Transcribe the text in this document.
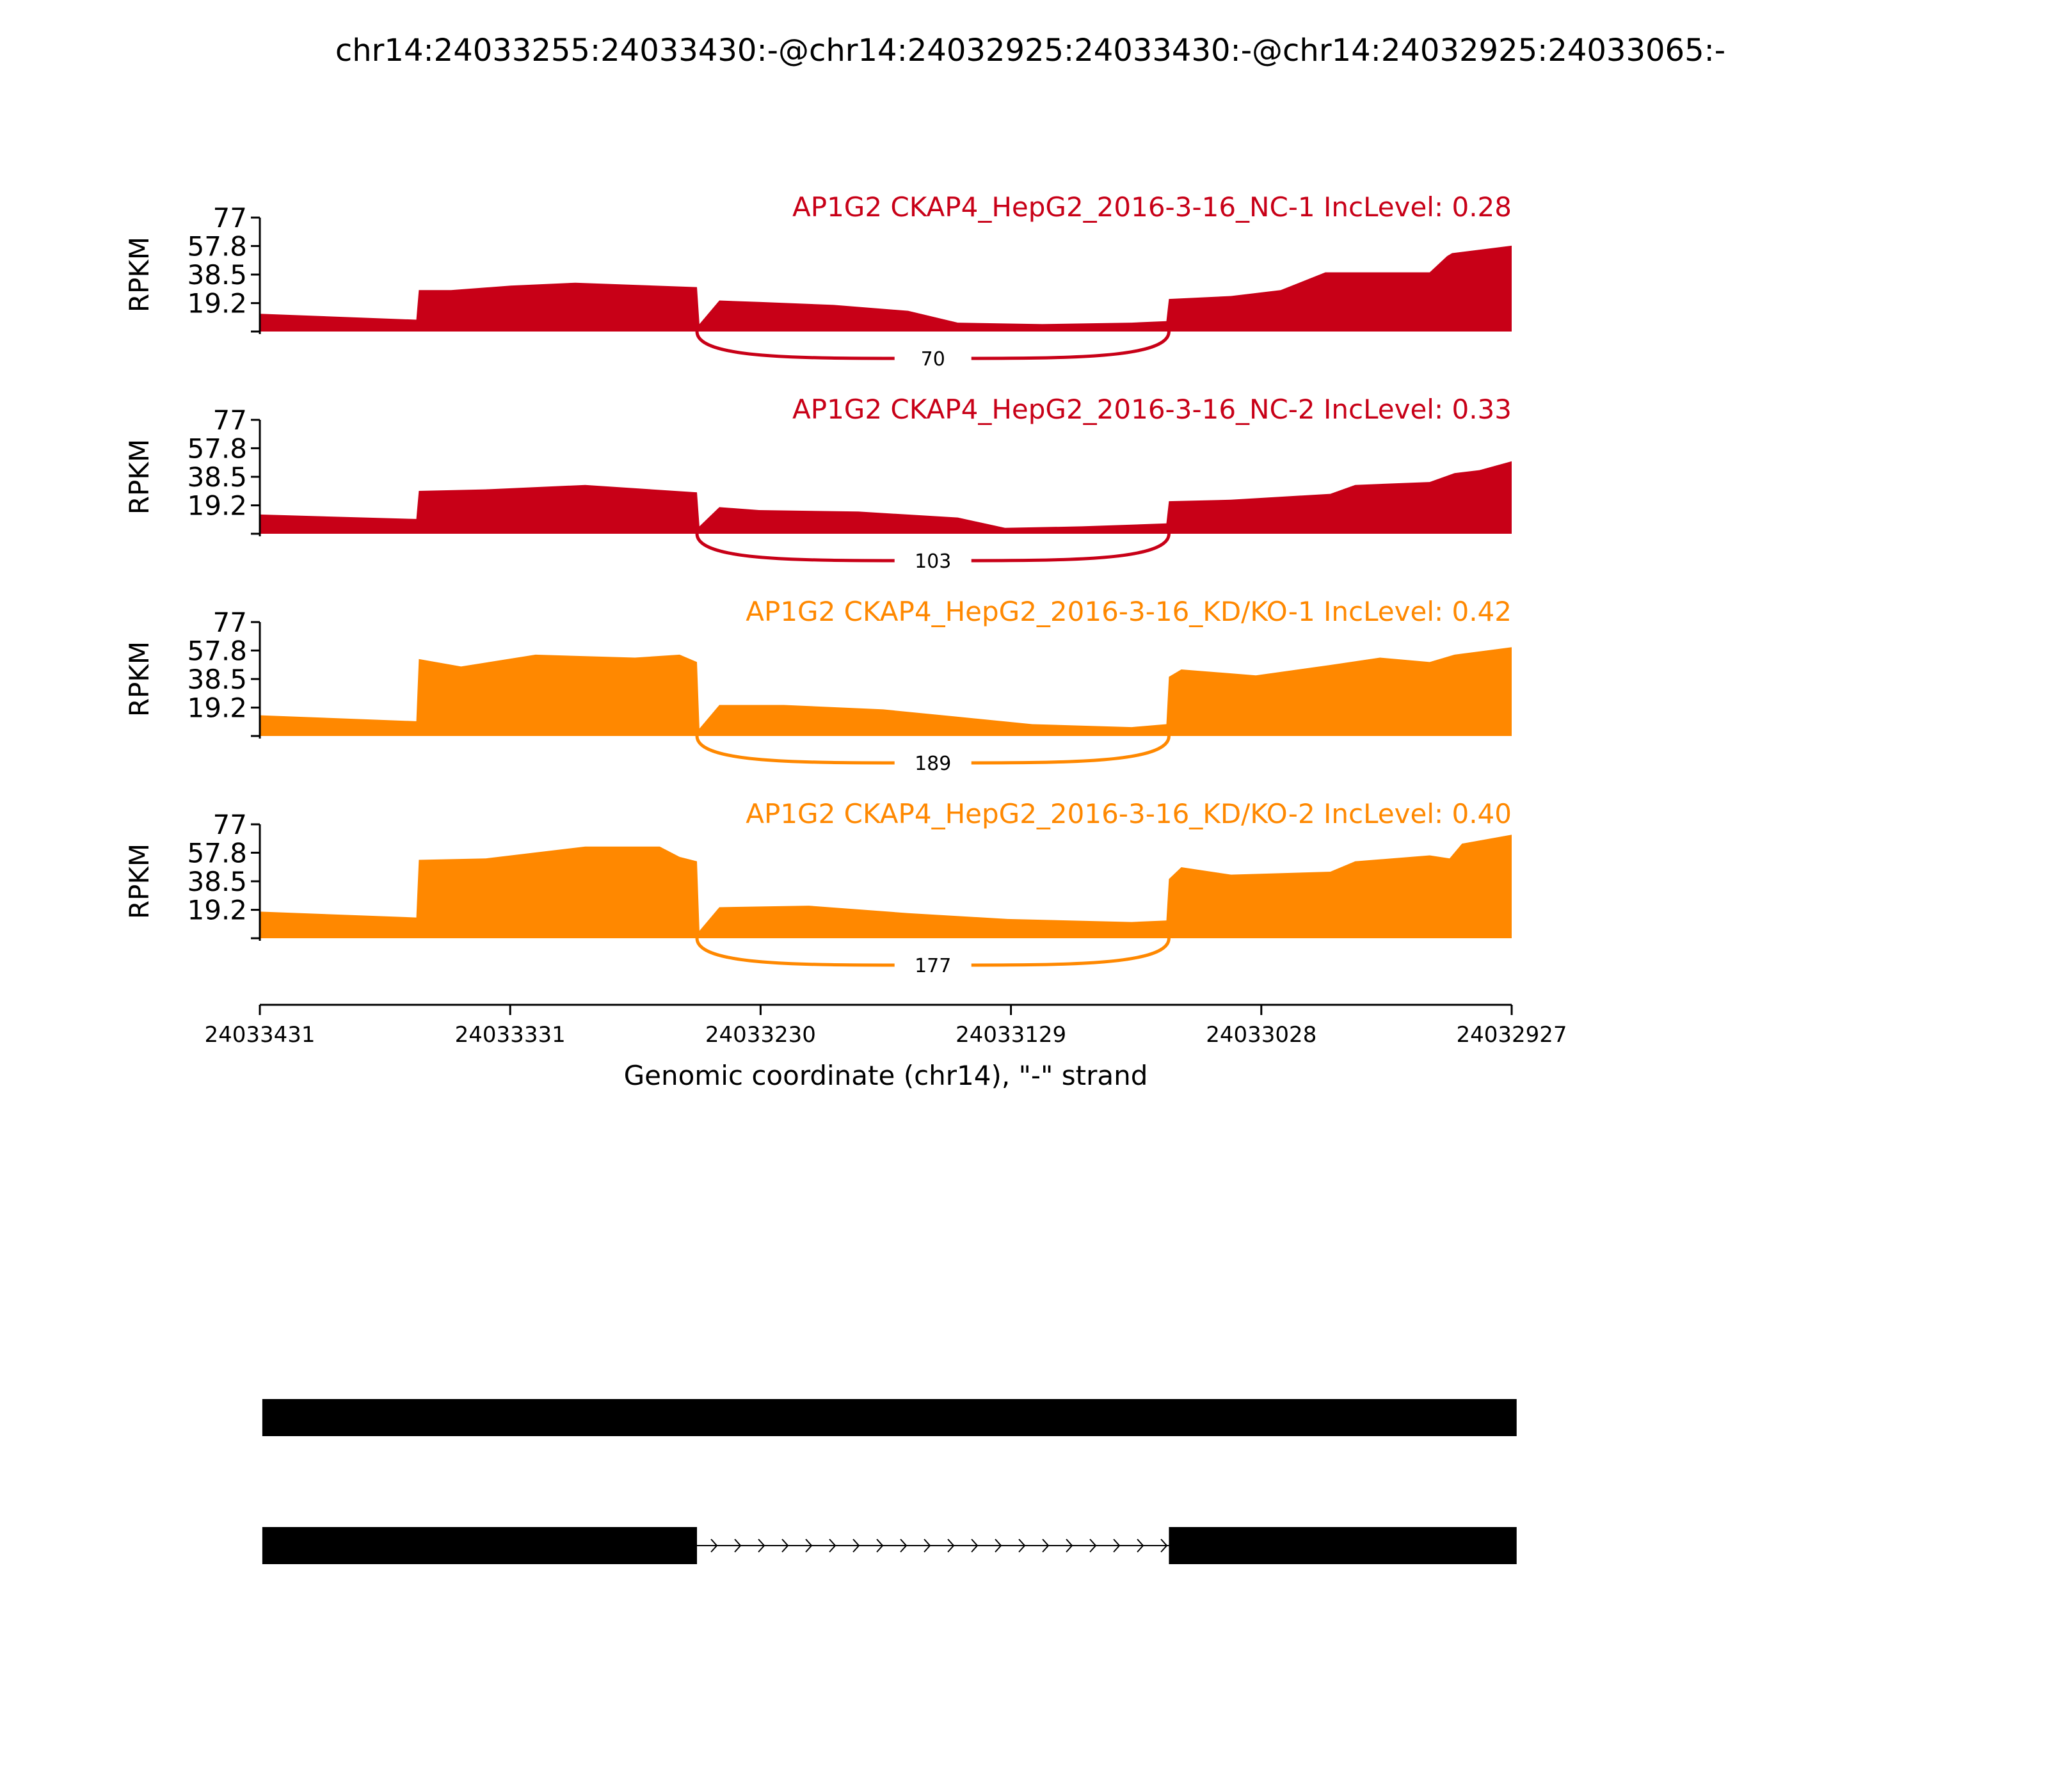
chr14:24033255:24033430:-@chr14:24032925:24033430:-@chr14:24032925:24033065:-
19.2
38.5
57.8
77
RPKM
AP1G2 CKAP4_HepG2_2016-3-16_NC-1 IncLevel: 0.28
70
19.2
38.5
57.8
77
RPKM
AP1G2 CKAP4_HepG2_2016-3-16_NC-2 IncLevel: 0.33
103
19.2
38.5
57.8
77
RPKM
AP1G2 CKAP4_HepG2_2016-3-16_KD/KO-1 IncLevel: 0.42
189
19.2
38.5
57.8
77
RPKM
AP1G2 CKAP4_HepG2_2016-3-16_KD/KO-2 IncLevel: 0.40
177
Genomic coordinate (chr14), "-" strand
24033431	24033331	24033230	24033129	24033028	24032927
